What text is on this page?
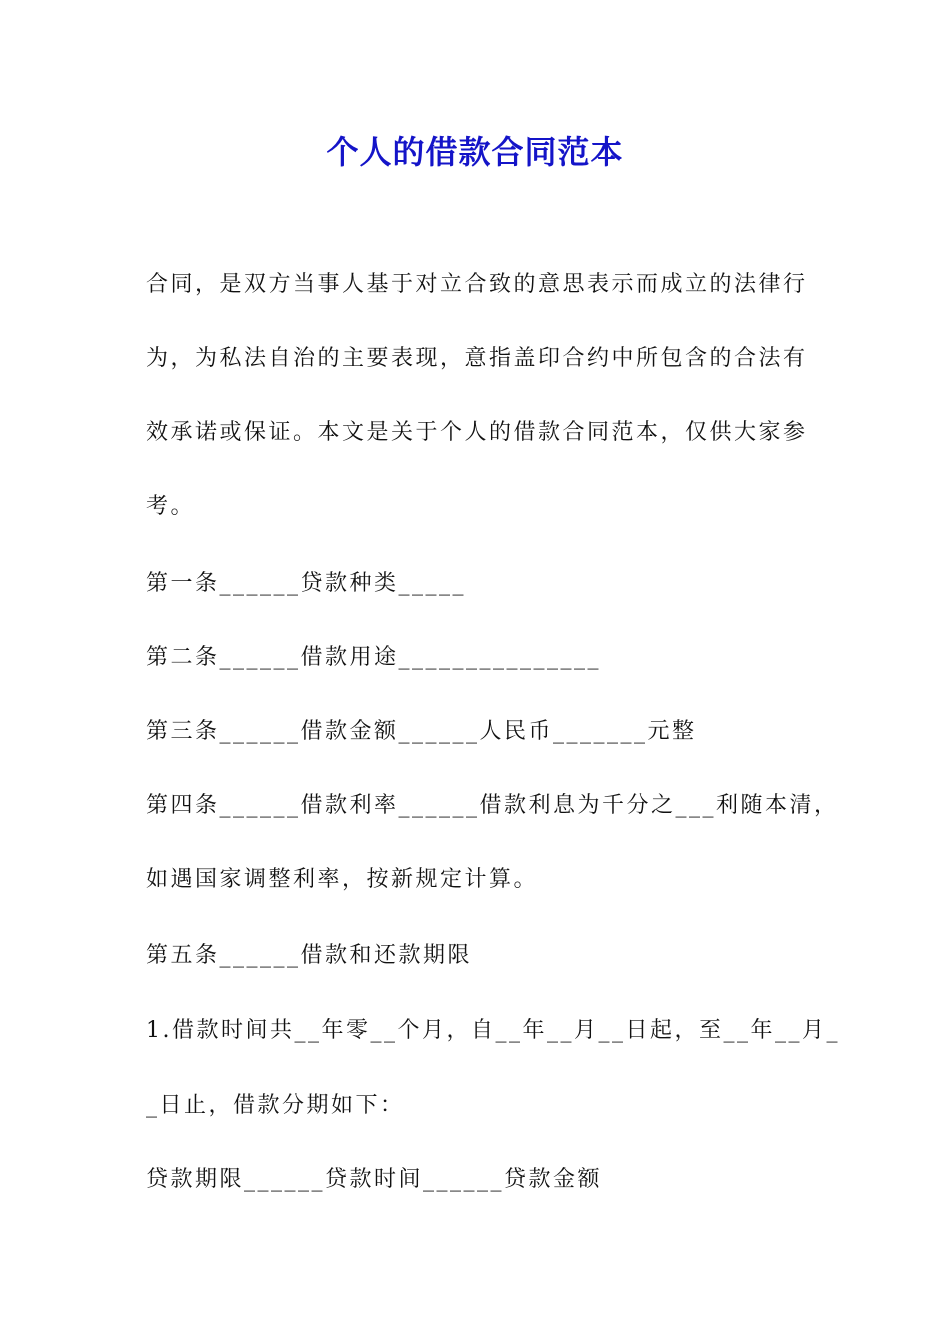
个人的借款合同范本
合同，是双方当事人基于对立合致的意思表示而成立的法律行为，为私法自治的主要表现，意指盖印合约中所包含的合法有效承诺或保证。本文是关于个人的借款合同范本，仅供大家参考。
第一条______贷款种类_____
第二条______借款用途_______________
第三条______借款金额______人民币_______元整
第四条______借款利率______借款利息为千分之___利随本清，
如遇国家调整利率，按新规定计算。
第五条______借款和还款期限
1.借款时间共__年零__个月，自__年__月__日起，至__年__月_
_日止，借款分期如下：
贷款期限______贷款时间______贷款金额
